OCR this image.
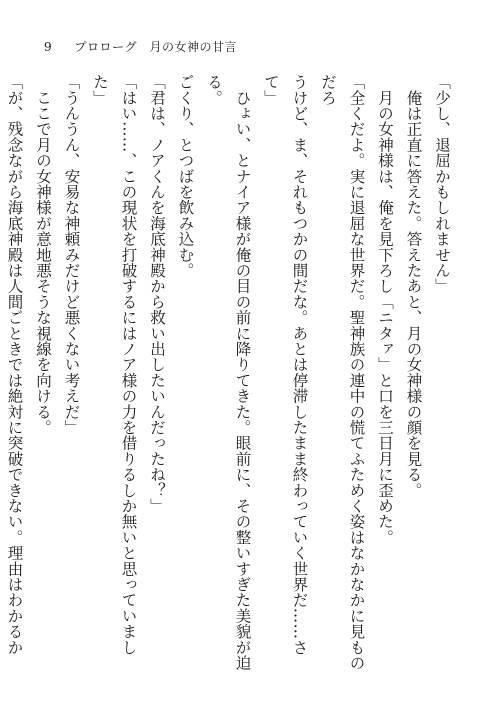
9 プロローグ　月の女神の甘言

「少し、退屈かもしれません」

　俺は正直に答えた。答えたあと、月の女神様の顔を見る。

　月の女神様は、俺を見下ろし「ニタァ」と口を三日月に歪めた。

「全くだよ。実に退屈な世界だ。聖神族の連中の慌てふためく姿はなかなかに見ものだろ

うけど、ま、それもつかの間だな。あとは停滞したまま終わっていく世界だ……さて」

　ひょい、とナイア様が俺の目の前に降りてきた。眼前に、その整いすぎた美貌が迫る。

ごくり、とつばを飲み込む。

「君は、ノアくんを海底神殿から救い出したいんだったね？」

「はい……、この現状を打破するにはノア様の力を借りるしか無いと思っていました」

「うんうん、安易な神頼みだけど悪くない考えだ」

　ここで月の女神様が意地悪そうな視線を向ける。

「が、残念ながら海底神殿は人間ごときでは絶対に突破できない。理由はわかるか
